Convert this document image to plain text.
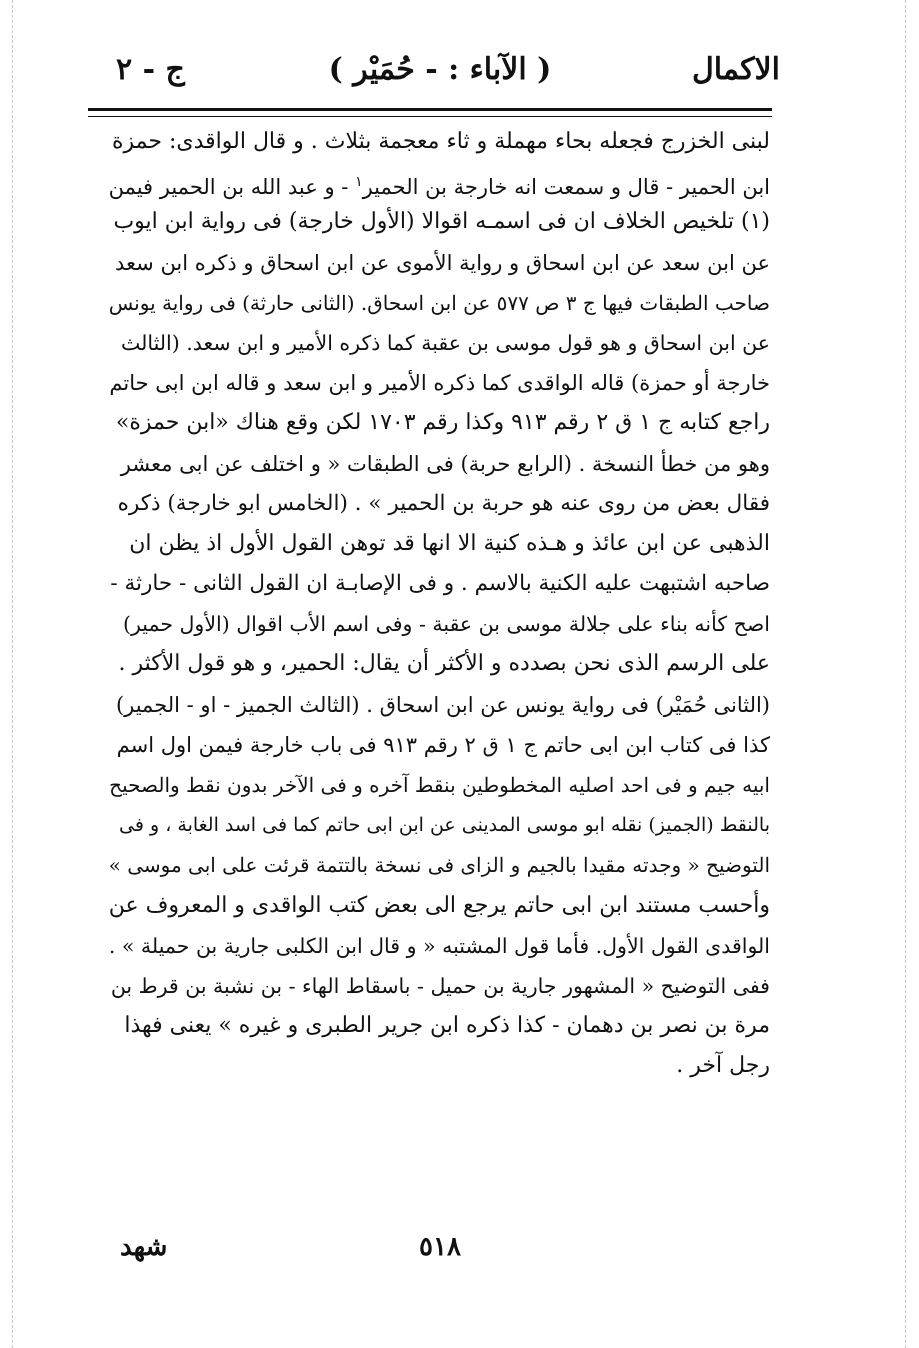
الاكمال
( الآباء : - حُمَيْر )
ج - ٢
لبنى الخزرج فجعله بحاء مهملة و ثاء معجمة بثلاث . و قال الواقدى: حمزة
ابن الحمير - قال و سمعت انه خارجة بن الحمير$^١$ - و عبد الله بن الحمير فيمن
(١) تلخيص الخلاف ان فى اسمـه اقوالا (الأول خارجة) فى رواية ابن ايوب
عن ابن سعد عن ابن اسحاق و رواية الأموى عن ابن اسحاق و ذكره ابن سعد
صاحب الطبقات فيها ج ٣ ص ٥٧٧ عن ابن اسحاق. (الثانى حارثة) فى رواية يونس
عن ابن اسحاق و هو قول موسى بن عقبة كما ذكره الأمير و ابن سعد. (الثالث
خارجة أو حمزة) قاله الواقدى كما ذكره الأمير و ابن سعد و قاله ابن ابى حاتم
راجع كتابه ج ١ ق ٢ رقم ٩١٣ وكذا رقم ١٧٠٣ لكن وقع هناك «ابن حمزة»
وهو من خطأ النسخة . (الرابع حربة) فى الطبقات « و اختلف عن ابى معشر
فقال بعض من روى عنه هو حربة بن الحمير » . (الخامس ابو خارجة) ذكره
الذهبى عن ابن عائذ و هـذه كنية الا انها قد توهن القول الأول اذ يظن ان
صاحبه اشتبهت عليه الكنية بالاسم . و فى الإصابـة ان القول الثانى - حارثة -
اصح كأنه بناء على جلالة موسى بن عقبة - وفى اسم الأب اقوال (الأول حمير)
على الرسم الذى نحن بصدده و الأكثر أن يقال: الحمير، و هو قول الأكثر .
(الثانى حُمَيْر) فى رواية يونس عن ابن اسحاق . (الثالث الجميز - او - الجمير)
كذا فى كتاب ابن ابى حاتم ج ١ ق ٢ رقم ٩١٣ فى باب خارجة فيمن اول اسم
ابيه جيم و فى احد اصليه المخطوطين بنقط آخره و فى الآخر بدون نقط والصحيح
بالنقط (الجميز) نقله ابو موسى المدينى عن ابن ابى حاتم كما فى اسد الغابة ، و فى
التوضيح « وجدته مقيدا بالجيم و الزاى فى نسخة بالتتمة قرئت على ابى موسى »
وأحسب مستند ابن ابى حاتم يرجع الى بعض كتب الواقدى و المعروف عن
الواقدى القول الأول. فأما قول المشتبه « و قال ابن الكلبى جارية بن حميلة » .
ففى التوضيح « المشهور جارية بن حميل - باسقاط الهاء - بن نشبة بن قرط بن
مرة بن نصر بن دهمان - كذا ذكره ابن جرير الطبرى و غيره » يعنى فهذا
رجل آخر .
٥١٨
شهد
